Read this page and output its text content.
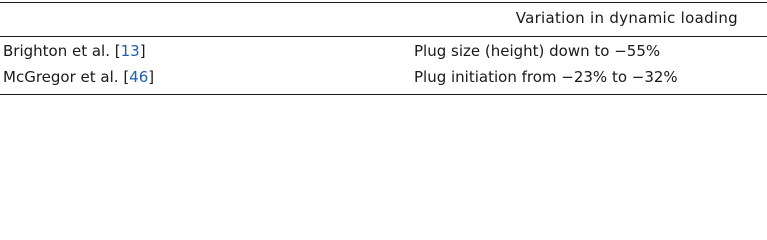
Variation in dynamic loading
Brighton et al. [13]	Plug size (height) down to −55%
McGregor et al. [46]	Plug initiation from −23% to −32%
